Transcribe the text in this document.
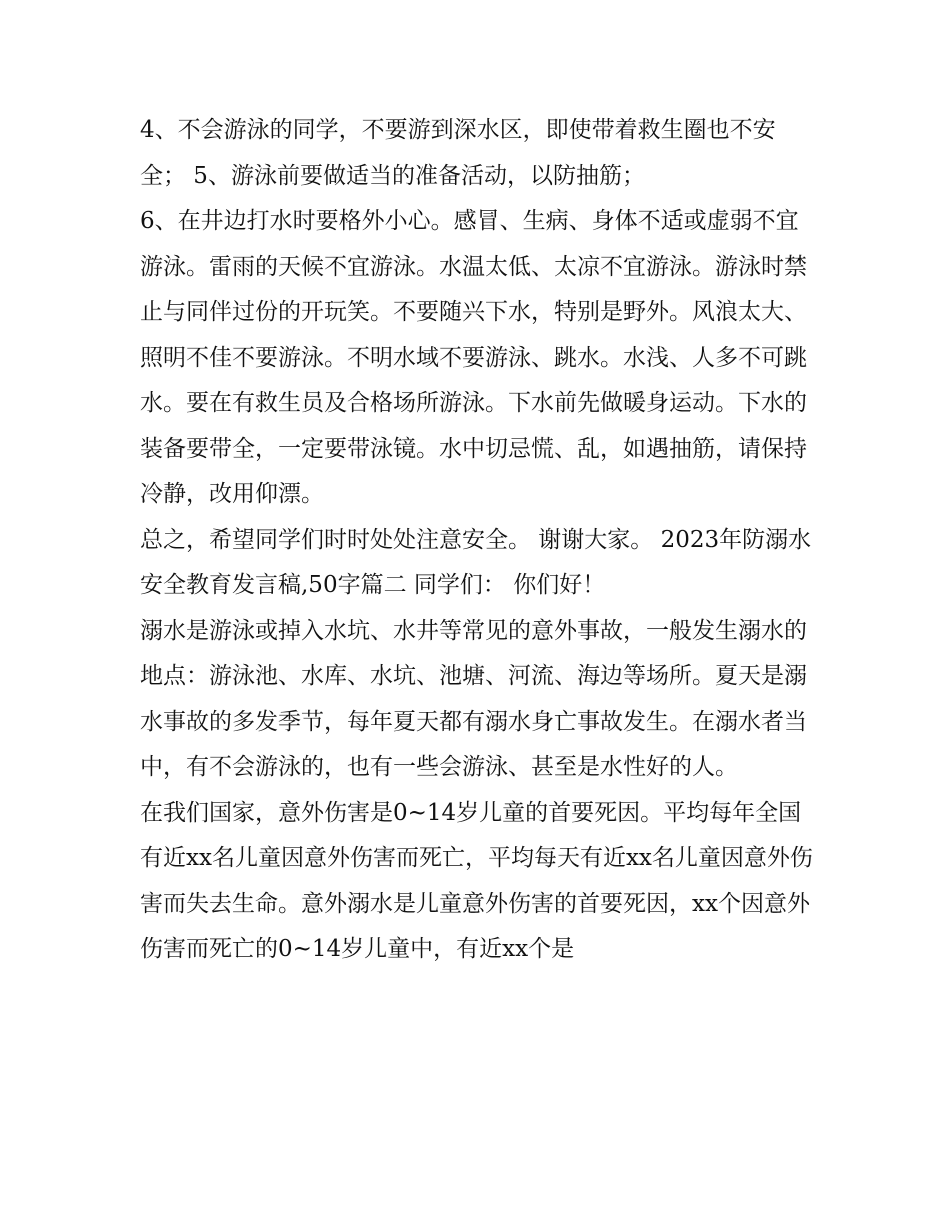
4、不会游泳的同学，不要游到深水区，即使带着救生圈也不安全； 5、游泳前要做适当的准备活动，以防抽筋；

6、在井边打水时要格外小心。感冒、生病、身体不适或虚弱不宜游泳。雷雨的天候不宜游泳。水温太低、太凉不宜游泳。游泳时禁止与同伴过份的开玩笑。不要随兴下水，特别是野外。风浪太大、照明不佳不要游泳。不明水域不要游泳、跳水。水浅、人多不可跳水。要在有救生员及合格场所游泳。下水前先做暖身运动。下水的装备要带全，一定要带泳镜。水中切忌慌、乱，如遇抽筋，请保持冷静，改用仰漂。

总之，希望同学们时时处处注意安全。 谢谢大家。 2023年防溺水安全教育发言稿,50字篇二 同学们： 你们好！

溺水是游泳或掉入水坑、水井等常见的意外事故，一般发生溺水的地点：游泳池、水库、水坑、池塘、河流、海边等场所。夏天是溺水事故的多发季节，每年夏天都有溺水身亡事故发生。在溺水者当中，有不会游泳的，也有一些会游泳、甚至是水性好的人。

在我们国家，意外伤害是0~14岁儿童的首要死因。平均每年全国有近xx名儿童因意外伤害而死亡，平均每天有近xx名儿童因意外伤害而失去生命。意外溺水是儿童意外伤害的首要死因，xx个因意外伤害而死亡的0~14岁儿童中，有近xx个是
